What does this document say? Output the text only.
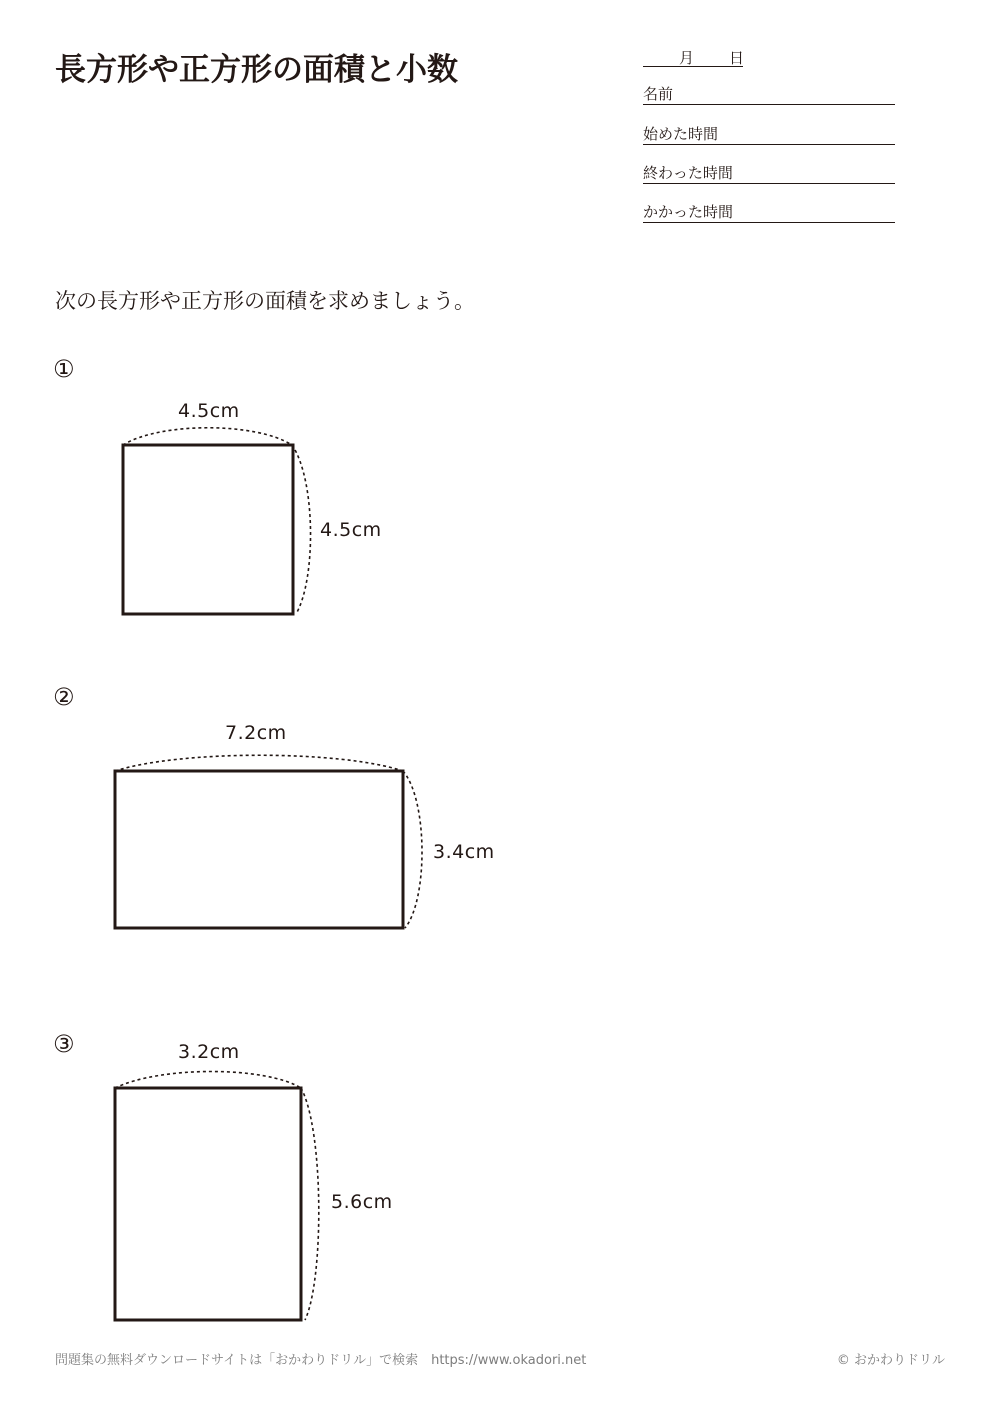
長方形や正方形の面積と小数	月 日
名前
始めた時間
終わった時間
かかった時間

次の長方形や正方形の面積を求めましょう。

①
4.5cm
4.5cm
②
7.2cm
3.4cm
③	3.2cm
5.6cm
問題集の無料ダウンロードサイトは「おかわりドリル」で検索　https://www.okadori.net	© おかわりドリル
